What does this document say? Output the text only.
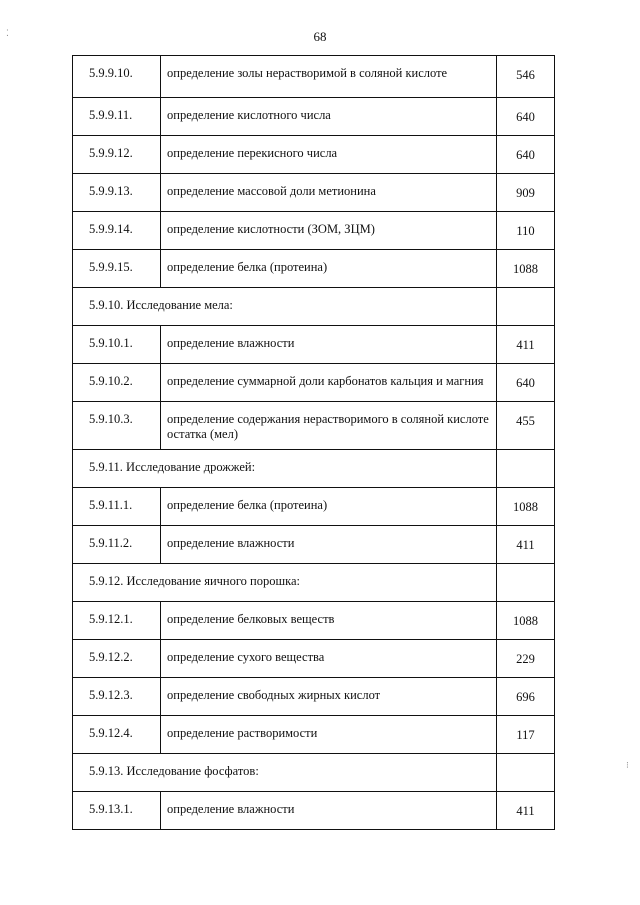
68
5.9.9.10.	определение золы нерастворимой в соляной кислоте	546
5.9.9.11.	определение кислотного числа	640
5.9.9.12.	определение перекисного числа	640
5.9.9.13.	определение массовой доли метионина	909
5.9.9.14.	определение кислотности (ЗОМ, ЗЦМ)	110
5.9.9.15.	определение белка (протеина)	1088
5.9.10. Исследование мела:		
5.9.10.1.	определение влажности	411
5.9.10.2.	определение суммарной доли карбонатов кальция и магния	640
5.9.10.3.	определение содержания нерастворимого в соляной кислоте остатка (мел)	455
5.9.11. Исследование дрожжей:		
5.9.11.1.	определение белка (протеина)	1088
5.9.11.2.	определение влажности	411
5.9.12. Исследование яичного порошка:		
5.9.12.1.	определение белковых веществ	1088
5.9.12.2.	определение сухого вещества	229
5.9.12.3.	определение свободных жирных кислот	696
5.9.12.4.	определение растворимости	117
5.9.13. Исследование фосфатов:		
5.9.13.1.	определение влажности	411
⁚
⁝
